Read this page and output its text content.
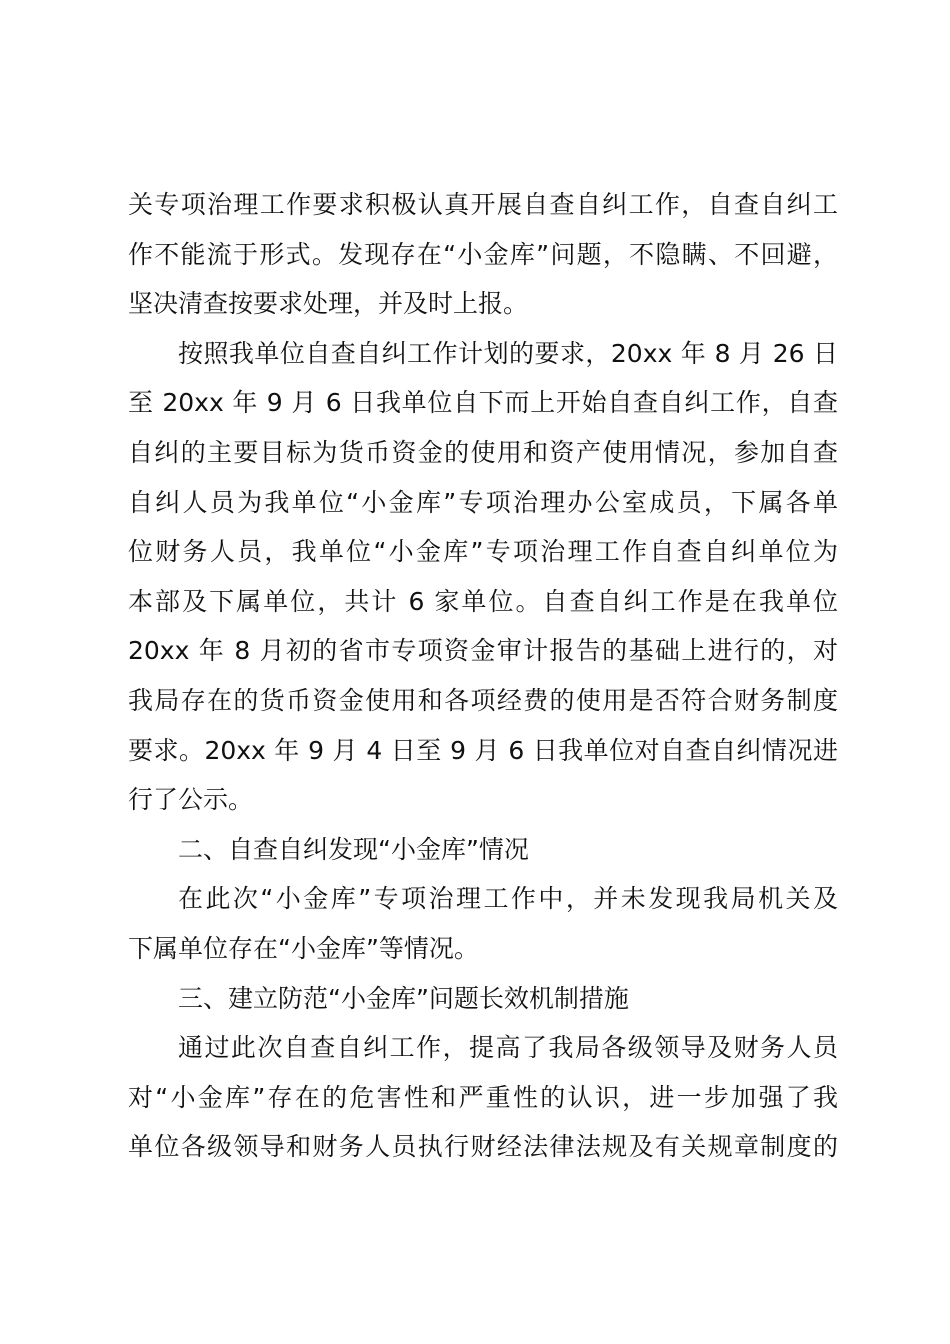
关专项治理工作要求积极认真开展自查自纠工作，自查自纠工
作不能流于形式。发现存在“小金库”问题，不隐瞒、不回避，
坚决清查按要求处理，并及时上报。
按照我单位自查自纠工作计划的要求，20xx 年 8 月 26 日
至 20xx 年 9 月 6 日我单位自下而上开始自查自纠工作，自查
自纠的主要目标为货币资金的使用和资产使用情况，参加自查
自纠人员为我单位“小金库”专项治理办公室成员，下属各单
位财务人员，我单位“小金库”专项治理工作自查自纠单位为
本部及下属单位，共计 6 家单位。自查自纠工作是在我单位
20xx 年 8 月初的省市专项资金审计报告的基础上进行的，对
我局存在的货币资金使用和各项经费的使用是否符合财务制度
要求。20xx 年 9 月 4 日至 9 月 6 日我单位对自查自纠情况进
行了公示。
二、自查自纠发现“小金库”情况
在此次“小金库”专项治理工作中，并未发现我局机关及
下属单位存在“小金库”等情况。
三、建立防范“小金库”问题长效机制措施
通过此次自查自纠工作，提高了我局各级领导及财务人员
对“小金库”存在的危害性和严重性的认识，进一步加强了我
单位各级领导和财务人员执行财经法律法规及有关规章制度的
